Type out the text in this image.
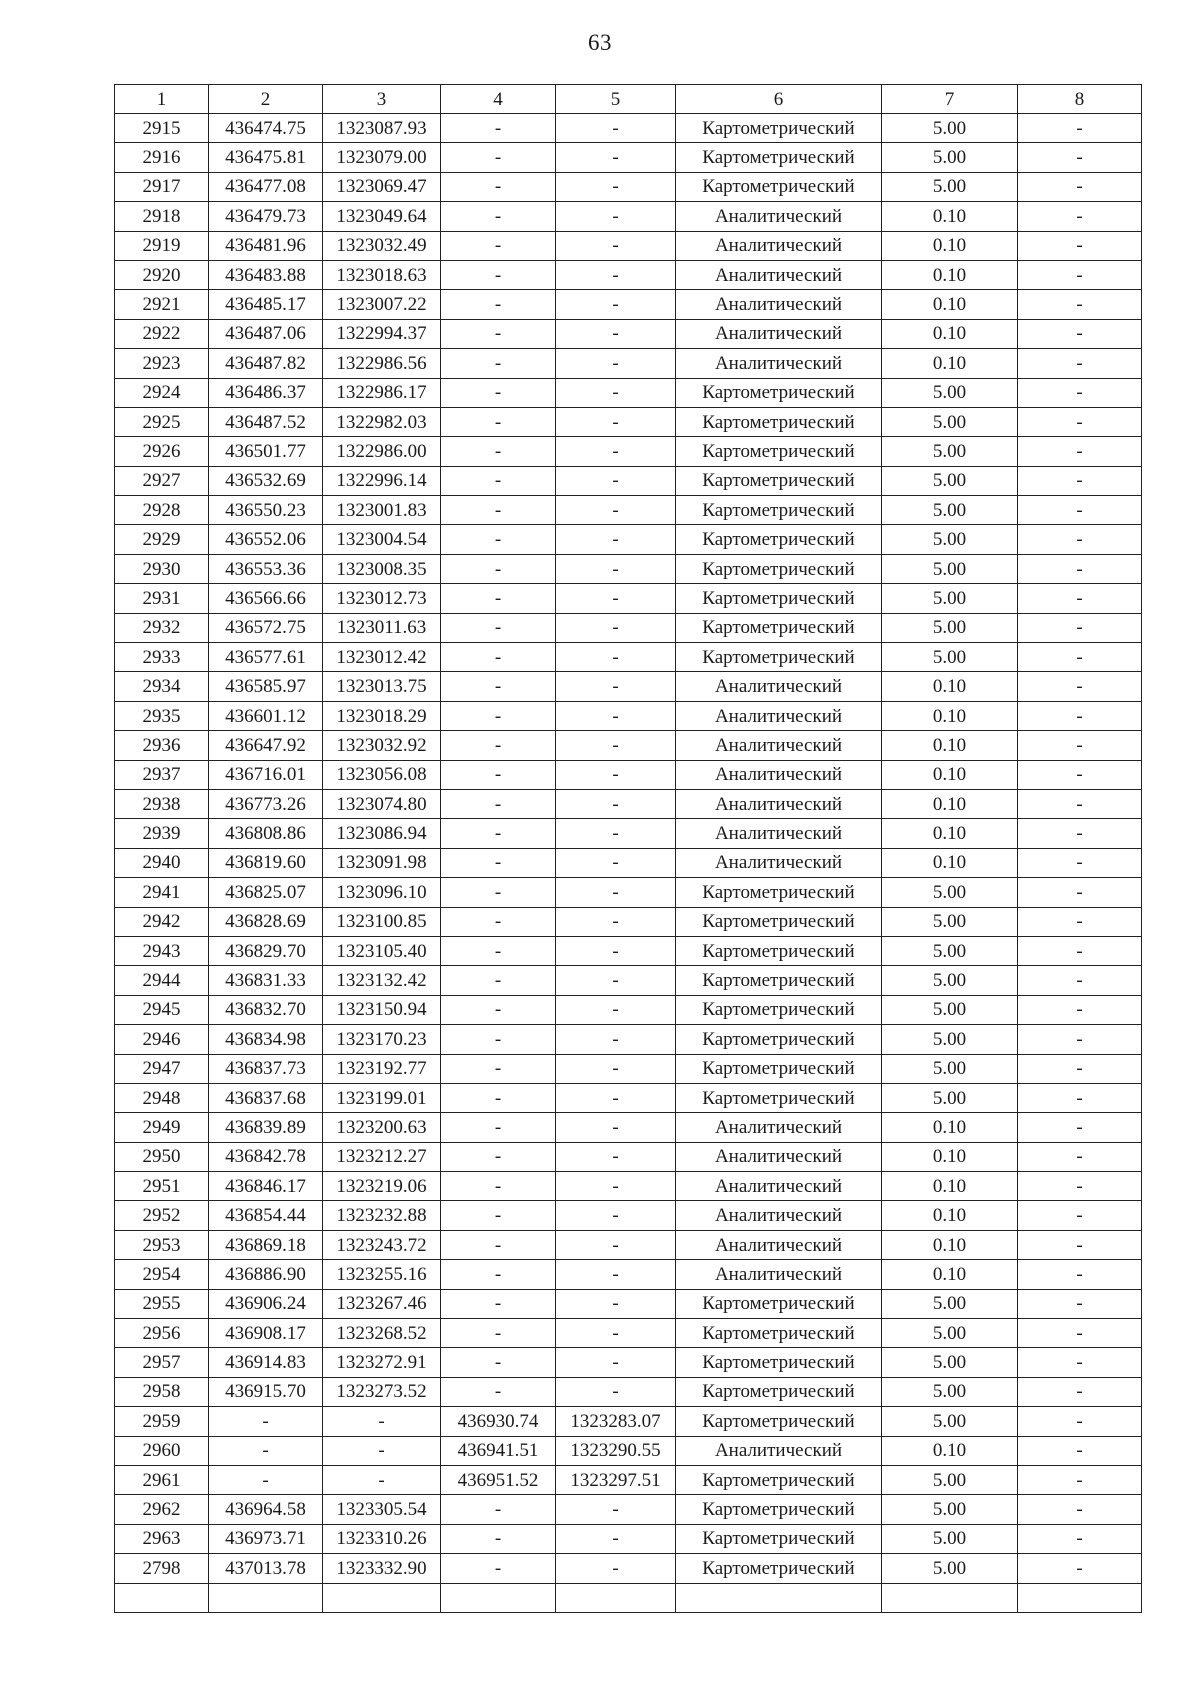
63
1	2	3	4	5	6	7	8
2915	436474.75	1323087.93	-	-	Картометрический	5.00	-
2916	436475.81	1323079.00	-	-	Картометрический	5.00	-
2917	436477.08	1323069.47	-	-	Картометрический	5.00	-
2918	436479.73	1323049.64	-	-	Аналитический	0.10	-
2919	436481.96	1323032.49	-	-	Аналитический	0.10	-
2920	436483.88	1323018.63	-	-	Аналитический	0.10	-
2921	436485.17	1323007.22	-	-	Аналитический	0.10	-
2922	436487.06	1322994.37	-	-	Аналитический	0.10	-
2923	436487.82	1322986.56	-	-	Аналитический	0.10	-
2924	436486.37	1322986.17	-	-	Картометрический	5.00	-
2925	436487.52	1322982.03	-	-	Картометрический	5.00	-
2926	436501.77	1322986.00	-	-	Картометрический	5.00	-
2927	436532.69	1322996.14	-	-	Картометрический	5.00	-
2928	436550.23	1323001.83	-	-	Картометрический	5.00	-
2929	436552.06	1323004.54	-	-	Картометрический	5.00	-
2930	436553.36	1323008.35	-	-	Картометрический	5.00	-
2931	436566.66	1323012.73	-	-	Картометрический	5.00	-
2932	436572.75	1323011.63	-	-	Картометрический	5.00	-
2933	436577.61	1323012.42	-	-	Картометрический	5.00	-
2934	436585.97	1323013.75	-	-	Аналитический	0.10	-
2935	436601.12	1323018.29	-	-	Аналитический	0.10	-
2936	436647.92	1323032.92	-	-	Аналитический	0.10	-
2937	436716.01	1323056.08	-	-	Аналитический	0.10	-
2938	436773.26	1323074.80	-	-	Аналитический	0.10	-
2939	436808.86	1323086.94	-	-	Аналитический	0.10	-
2940	436819.60	1323091.98	-	-	Аналитический	0.10	-
2941	436825.07	1323096.10	-	-	Картометрический	5.00	-
2942	436828.69	1323100.85	-	-	Картометрический	5.00	-
2943	436829.70	1323105.40	-	-	Картометрический	5.00	-
2944	436831.33	1323132.42	-	-	Картометрический	5.00	-
2945	436832.70	1323150.94	-	-	Картометрический	5.00	-
2946	436834.98	1323170.23	-	-	Картометрический	5.00	-
2947	436837.73	1323192.77	-	-	Картометрический	5.00	-
2948	436837.68	1323199.01	-	-	Картометрический	5.00	-
2949	436839.89	1323200.63	-	-	Аналитический	0.10	-
2950	436842.78	1323212.27	-	-	Аналитический	0.10	-
2951	436846.17	1323219.06	-	-	Аналитический	0.10	-
2952	436854.44	1323232.88	-	-	Аналитический	0.10	-
2953	436869.18	1323243.72	-	-	Аналитический	0.10	-
2954	436886.90	1323255.16	-	-	Аналитический	0.10	-
2955	436906.24	1323267.46	-	-	Картометрический	5.00	-
2956	436908.17	1323268.52	-	-	Картометрический	5.00	-
2957	436914.83	1323272.91	-	-	Картометрический	5.00	-
2958	436915.70	1323273.52	-	-	Картометрический	5.00	-
2959	-	-	436930.74	1323283.07	Картометрический	5.00	-
2960	-	-	436941.51	1323290.55	Аналитический	0.10	-
2961	-	-	436951.52	1323297.51	Картометрический	5.00	-
2962	436964.58	1323305.54	-	-	Картометрический	5.00	-
2963	436973.71	1323310.26	-	-	Картометрический	5.00	-
2798	437013.78	1323332.90	-	-	Картометрический	5.00	-
